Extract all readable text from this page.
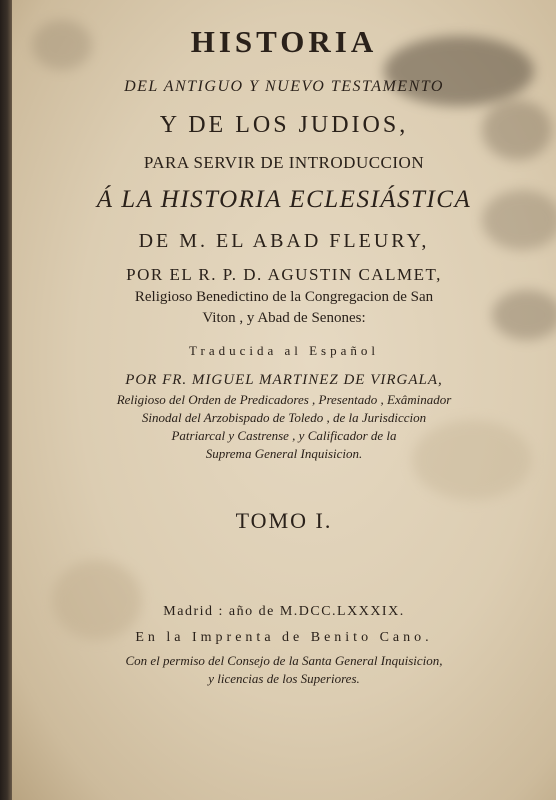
HISTORIA

DEL ANTIGUO Y NUEVO TESTAMENTO

Y DE LOS JUDIOS,

PARA SERVIR DE INTRODUCCION

Á LA HISTORIA ECLESIÁSTICA

DE M. EL ABAD FLEURY,

POR EL R. P. D. AGUSTIN CALMET,

Religioso Benedictino de la Congregacion de San

Viton , y Abad de Senones:

Traducida al Español

POR FR. MIGUEL MARTINEZ DE VIRGALA,

Religioso del Orden de Predicadores , Presentado , Exâminador

Sinodal del Arzobispado de Toledo , de la Jurisdiccion

Patriarcal y Castrense , y Calificador de la

Suprema General Inquisicion.

TOMO I.

Madrid : año de M.DCC.LXXXIX.

En la Imprenta de Benito Cano.

Con el permiso del Consejo de la Santa General Inquisicion,

y licencias de los Superiores.
